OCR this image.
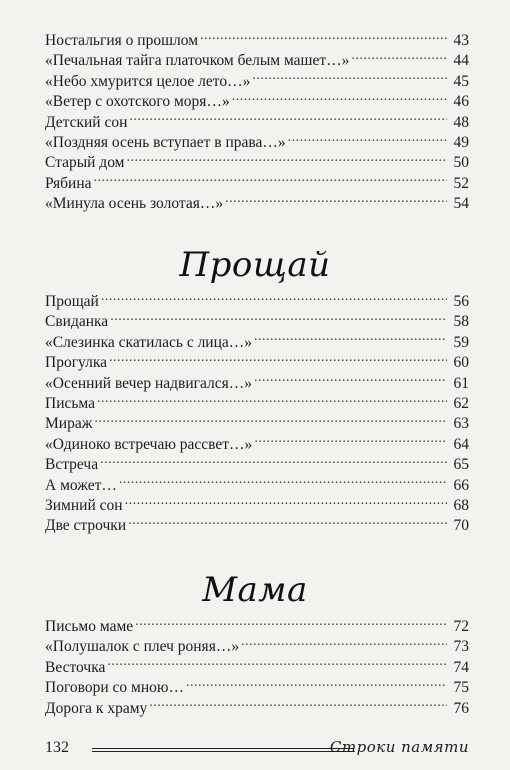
Ностальгия о прошлом .....	43
«Печальная тайга платочком белым машет…» .....	44
«Небо хмурится целое лето…» .....	45
«Ветер с охотского моря…» .....	46
Детский сон .....	48
«Поздняя осень вступает в права…» .....	49
Старый дом .....	50
Рябина .....	52
«Минула осень золотая…» .....	54
Прощай
Прощай .....	56
Свиданка .....	58
«Слезинка скатилась с лица…» .....	59
Прогулка .....	60
«Осенний вечер надвигался…» .....	61
Письма .....	62
Мираж .....	63
«Одиноко встречаю рассвет…» .....	64
Встреча .....	65
А может… .....	66
Зимний сон .....	68
Две строчки .....	70
Мама
Письмо маме .....	72
«Полушалок с плеч роняя…» .....	73
Весточка .....	74
Поговори со мною… .....	75
Дорога к храму .....	76
132	Строки памяти
